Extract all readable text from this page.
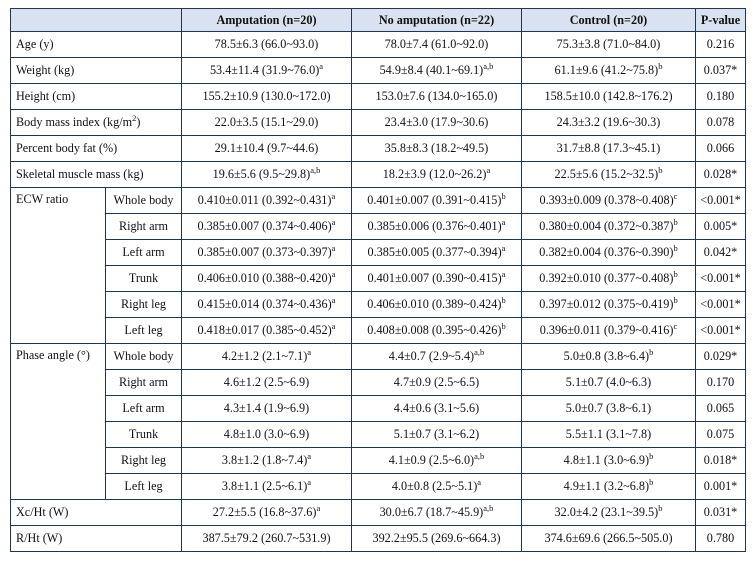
		Amputation (n=20)	No amputation (n=22)	Control (n=20)	P-value
Age (y)		78.5±6.3 (66.0~93.0)	78.0±7.4 (61.0~92.0)	75.3±3.8 (71.0~84.0)	0.216
Weight (kg)		53.4±11.4 (31.9~76.0)$^a$	54.9±8.4 (40.1~69.1)$^{a,b}$	61.1±9.6 (41.2~75.8)$^b$	0.037*
Height (cm)		155.2±10.9 (130.0~172.0)	153.0±7.6 (134.0~165.0)	158.5±10.0 (142.8~176.2)	0.180
Body mass index $(kg/m^2)$		22.0±3.5 (15.1~29.0)	23.4±3.0 (17.9~30.6)	24.3±3.2 (19.6~30.3)	0.078
Percent body fat (%)		29.1±10.4 (9.7~44.6)	35.8±8.3 (18.2~49.5)	31.7±8.8 (17.3~45.1)	0.066
Skeletal muscle mass (kg)		19.6±5.6 (9.5~29.8)$^{a,b}$	18.2±3.9 (12.0~26.2)$^a$	22.5±5.6 (15.2~32.5)$^b$	0.028*
ECW ratio	Whole body	0.410±0.011 (0.392~0.431)$^a$	0.401±0.007 (0.391~0.415)$^b$	0.393±0.009 (0.378~0.408)$^c$	<0.001*
	Right arm	0.385±0.007 (0.374~0.406)$^a$	0.385±0.006 (0.376~0.401)$^a$	0.380±0.004 (0.372~0.387)$^b$	0.005*
	Left arm	0.385±0.007 (0.373~0.397)$^a$	0.385±0.005 (0.377~0.394)$^a$	0.382±0.004 (0.376~0.390)$^b$	0.042*
	Trunk	0.406±0.010 (0.388~0.420)$^a$	0.401±0.007 (0.390~0.415)$^a$	0.392±0.010 (0.377~0.408)$^b$	<0.001*
	Right leg	0.415±0.014 (0.374~0.436)$^a$	0.406±0.010 (0.389~0.424)$^b$	0.397±0.012 (0.375~0.419)$^b$	<0.001*
	Left leg	0.418±0.017 (0.385~0.452)$^a$	0.408±0.008 (0.395~0.426)$^b$	0.396±0.011 (0.379~0.416)$^c$	<0.001*
Phase angle (°)	Whole body	4.2±1.2 (2.1~7.1)$^a$	4.4±0.7 (2.9~5.4)$^{a,b}$	5.0±0.8 (3.8~6.4)$^b$	0.029*
	Right arm	4.6±1.2 (2.5~6.9)	4.7±0.9 (2.5~6.5)	5.1±0.7 (4.0~6.3)	0.170
	Left arm	4.3±1.4 (1.9~6.9)	4.4±0.6 (3.1~5.6)	5.0±0.7 (3.8~6.1)	0.065
	Trunk	4.8±1.0 (3.0~6.9)	5.1±0.7 (3.1~6.2)	5.5±1.1 (3.1~7.8)	0.075
	Right leg	3.8±1.2 (1.8~7.4)$^a$	4.1±0.9 (2.5~6.0)$^{a,b}$	4.8±1.1 (3.0~6.9)$^b$	0.018*
	Left leg	3.8±1.1 (2.5~6.1)$^a$	4.0±0.8 (2.5~5.1)$^a$	4.9±1.1 (3.2~6.8)$^b$	0.001*
Xc/Ht (W)		27.2±5.5 (16.8~37.6)$^a$	30.0±6.7 (18.7~45.9)$^{a,b}$	32.0±4.2 (23.1~39.5)$^b$	0.031*
R/Ht (W)		387.5±79.2 (260.7~531.9)	392.2±95.5 (269.6~664.3)	374.6±69.6 (266.5~505.0)	0.780
